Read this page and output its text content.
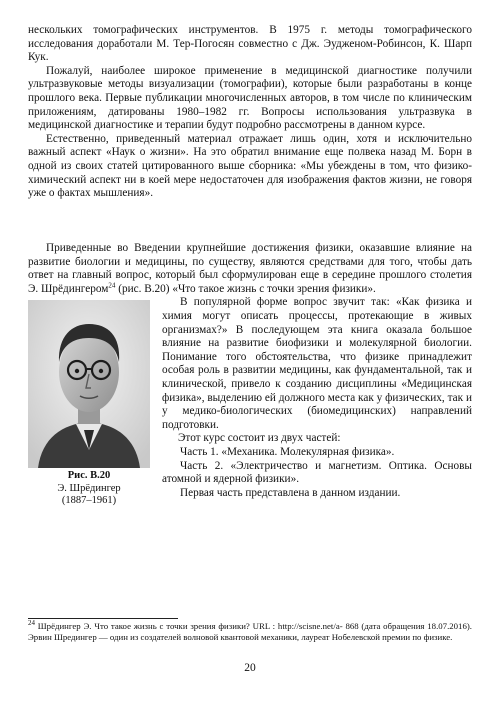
нескольких томографических инструментов. В 1975 г. методы томографического исследования доработали М. Тер-Погосян совместно с Дж. Эудженом-Робинсон, К. Шарп Кук.

Пожалуй, наиболее широкое применение в медицинской диагностике получили ультразвуковые методы визуализации (томографии), которые были разработаны в конце прошлого века. Первые публикации многочисленных авторов, в том числе по клиническим приложениям, датированы 1980–1982 гг. Вопросы использования ультразвука в медицинской диагностике и терапии будут подробно рассмотрены в данном курсе.

Естественно, приведенный материал отражает лишь один, хотя и исключительно важный аспект «Наук о жизни». На это обратил внимание еще полвека назад М. Борн в одной из своих статей цитированного выше сборника: «Мы убеждены в том, что физико-химический аспект ни в коей мере недостаточен для изображения фактов жизни, не говоря уже о фактах мышления».

Приведенные во Введении крупнейшие достижения физики, оказавшие влияние на развитие биологии и медицины, по существу, являются средствами для того, чтобы дать ответ на главный вопрос, который был сформулирован еще в середине прошлого столетия Э. Шрёдингером$^{24}$ (рис. В.20) «Что такое жизнь с точки зрения физики».

Рис. В.20
Э. Шрёдингер
(1887–1961)

В популярной форме вопрос звучит так: «Как физика и химия могут описать процессы, протекающие в живых организмах?» В последующем эта книга оказала большое влияние на развитие биофизики и молекулярной биологии. Понимание того обстоятельства, что физике принадлежит особая роль в развитии медицины, как фундаментальной, так и клинической, привело к созданию дисциплины «Медицинская физика», выделению ей должного места как у физических, так и у медико-биологических (биомедицинских) направлений подготовки.

Этот курс состоит из двух частей:

Часть 1. «Механика. Молекулярная физика».

Часть 2. «Электричество и магнетизм. Оптика. Основы атомной и ядерной физики».

Первая часть представлена в данном издании.

$^{24}$ Шрёдингер Э. Что такое жизнь с точки зрения физики? URL : http://scisne.net/a- 868 (дата обращения 18.07.2016). Эрвин Шредингер — один из создателей волновой квантовой механики, лауреат Нобелевской премии по физике.
20
